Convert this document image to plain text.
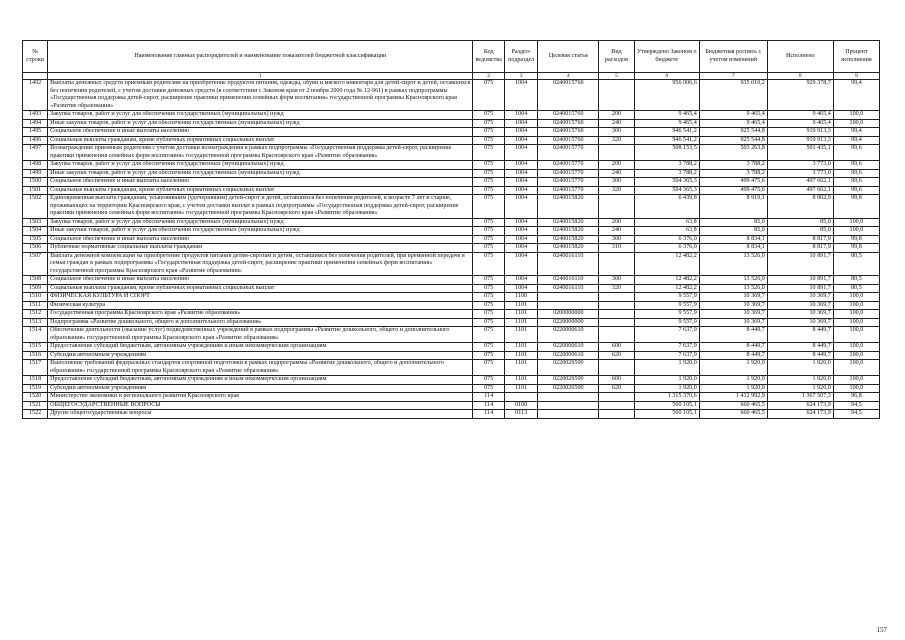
№ строки	Наименование главных распорядителей и наименование показателей бюджетной классификации	Код ведомства	Раздел-подраздел	Целевая статья	Вид расходов	Утверждено Законом о бюджете	Бюджетная роспись с учетом изменений	Исполнено	Процент исполнения
	1	2	3	4	5	6	7	8	9
1492	Выплаты денежных средств приемным родителям на приобретение продуктов питания, одежды, обуви и мягкого инвентаря для детей-сирот и детей, оставшихся без попечения родителей, с учетом доставки денежных средств (в соответствии с Законом края от 2 ноября 2000 года № 12-961) в рамках подпрограммы «Государственная поддержка детей-сирот, расширение практики применения семейных форм воспитания» государственной программы Красноярского края «Развитие образования»	075	1004	0240015760		956 006,6	935 010,2	929 378,7	99,4
1493	Закупка товаров, работ и услуг для обеспечения государственных (муниципальных) нужд	075	1004	0240015760	200	9 465,4	9 465,4	9 465,4	100,0
1494	Иные закупки товаров, работ и услуг для обеспечения государственных (муниципальных) нужд	075	1004	0240015760	240	9 465,4	9 465,4	9 465,4	100,0
1495	Социальное обеспечение и иные выплаты населению	075	1004	0240015760	300	946 541,2	925 544,8	919 913,3	99,4
1496	Социальные выплаты гражданам, кроме публичных нормативных социальных выплат	075	1004	0240015760	320	946 541,2	925 544,8	919 913,3	99,4
1497	Вознаграждение приемным родителям с учетом доставки вознаграждения в рамках подпрограммы «Государственная поддержка детей-сирот, расширение практики применения семейных форм воспитания» государственной программы Красноярского края «Развитие образования»	075	1004	0240015770		508 153,5	503 263,8	501 435,1	99,6
1498	Закупка товаров, работ и услуг для обеспечения государственных (муниципальных) нужд	075	1004	0240015770	200	3 788,2	3 788,2	3 773,0	99,6
1499	Иные закупки товаров, работ и услуг для обеспечения государственных (муниципальных) нужд	075	1004	0240015770	240	3 788,2	3 788,2	3 773,0	99,6
1500	Социальное обеспечение и иные выплаты населению	075	1004	0240015770	300	504 365,3	499 475,6	497 662,1	99,6
1501	Социальные выплаты гражданам, кроме публичных нормативных социальных выплат	075	1004	0240015770	320	504 365,3	499 475,6	497 662,1	99,6
1502	Единовременная выплата гражданам, усыновившим (удочерившим) детей-сирот и детей, оставшихся без попечения родителей, в возрасте 7 лет и старше, проживающих на территории Красноярского края, с учетом доставки выплат в рамках подпрограммы «Государственная поддержка детей-сирот, расширение практики применения семейных форм воспитания» государственной программы Красноярского края «Развитие образования»	075	1004	0240015820		6 439,8	8 919,1	8 902,9	99,8
1503	Закупка товаров, работ и услуг для обеспечения государственных (муниципальных) нужд	075	1004	0240015820	200	63,8	85,0	85,0	100,0
1504	Иные закупки товаров, работ и услуг для обеспечения государственных (муниципальных) нужд	075	1004	0240015820	240	63,8	85,0	85,0	100,0
1505	Социальное обеспечение и иные выплаты населению	075	1004	0240015820	300	6 376,0	8 834,1	8 817,9	99,8
1506	Публичные нормативные социальные выплаты гражданам	075	1004	0240015820	310	6 376,0	8 834,1	8 817,9	99,8
1507	Выплата денежной компенсации на приобретение продуктов питания детям-сиротам и детям, оставшимся без попечения родителей, при временной передаче в семьи граждан в рамках подпрограммы «Государственная поддержка детей-сирот, расширение практики применения семейных форм воспитания» государственной программы Красноярского края «Развитие образования»	075	1004	0240016110		12 482,2	13 526,0	10 891,7	80,5
1508	Социальное обеспечение и иные выплаты населению	075	1004	0240016110	300	12 482,2	13 526,0	10 891,7	80,5
1509	Социальные выплаты гражданам, кроме публичных нормативных социальных выплат	075	1004	0240016110	320	12 482,2	13 526,0	10 891,7	80,5
1510	ФИЗИЧЕСКАЯ КУЛЬТУРА И СПОРТ	075	1100			9 557,9	10 369,7	10 369,7	100,0
1511	Физическая культура	075	1101			9 557,9	10 369,7	10 369,7	100,0
1512	Государственная программа Красноярского края «Развитие образования»	075	1101	0200000000		9 557,9	10 369,7	10 369,7	100,0
1513	Подпрограмма «Развитие дошкольного, общего и дополнительного образования»	075	1101	0220000000		9 557,9	10 369,7	10 369,7	100,0
1514	Обеспечение деятельности (оказание услуг) подведомственных учреждений в рамках подпрограммы «Развитие дошкольного, общего и дополнительного образования» государственной программы Красноярского края «Развитие образования»	075	1101	0220000610		7 637,9	8 449,7	8 449,7	100,0
1515	Предоставление субсидий бюджетным, автономным учреждениям и иным некоммерческим организациям	075	1101	0220000610	600	7 637,9	8 449,7	8 449,7	100,0
1516	Субсидии автономным учреждениям	075	1101	0220000610	620	7 637,9	8 449,7	8 449,7	100,0
1517	Выполнение требований федеральных стандартов спортивной подготовки в рамках подпрограммы «Развитие дошкольного, общего и дополнительного образования» государственной программы Красноярского края «Развитие образования»	075	1101	0220026500		1 920,0	1 920,0	1 920,0	100,0
1518	Предоставление субсидий бюджетным, автономным учреждениям и иным некоммерческим организациям	075	1101	0220026500	600	1 920,0	1 920,0	1 920,0	100,0
1519	Субсидии автономным учреждениям	075	1101	0220026500	620	1 920,0	1 920,0	1 920,0	100,0
1520	Министерство экономики и регионального развития Красноярского края	114				1 315 370,6	1 412 992,9	1 367 507,3	96,8
1521	ОБЩЕГОСУДАРСТВЕННЫЕ ВОПРОСЫ	114	0100			560 105,1	660 465,5	624 173,9	94,5
1522	Другие общегосударственные вопросы	114	0113			560 105,1	660 465,5	624 173,9	94,5
157
